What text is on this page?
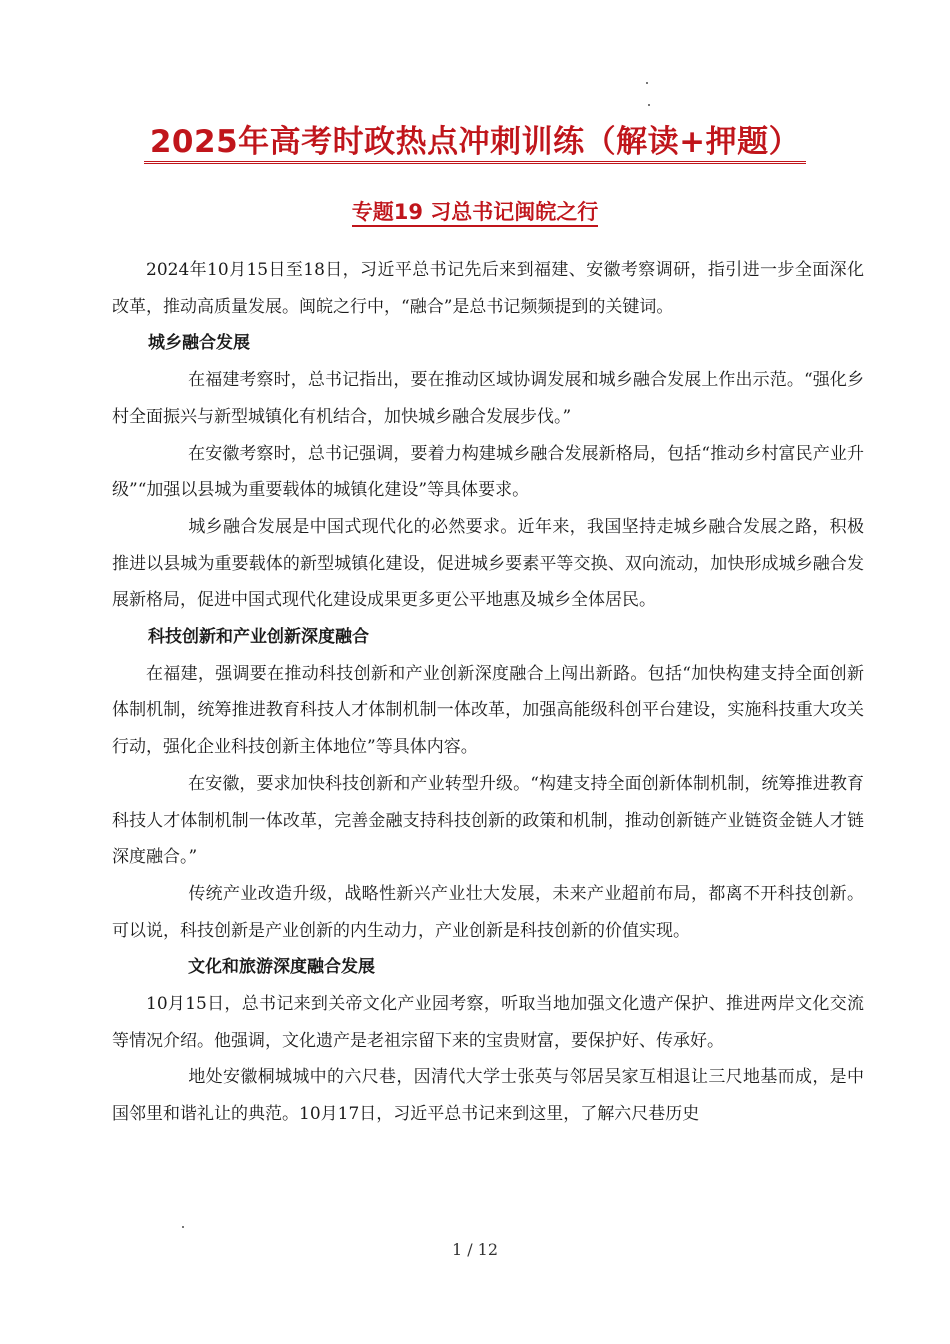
2025年高考时政热点冲刺训练（解读+押题）
专题19 习总书记闽皖之行

2024年10月15日至18日，习近平总书记先后来到福建、安徽考察调研，指引进一步全面深化改革，推动高质量发展。闽皖之行中，“融合”是总书记频频提到的关键词。

城乡融合发展

在福建考察时，总书记指出，要在推动区域协调发展和城乡融合发展上作出示范。“强化乡村全面振兴与新型城镇化有机结合，加快城乡融合发展步伐。”

在安徽考察时，总书记强调，要着力构建城乡融合发展新格局，包括“推动乡村富民产业升级”“加强以县城为重要载体的城镇化建设”等具体要求。

城乡融合发展是中国式现代化的必然要求。近年来，我国坚持走城乡融合发展之路，积极推进以县城为重要载体的新型城镇化建设，促进城乡要素平等交换、双向流动，加快形成城乡融合发展新格局，促进中国式现代化建设成果更多更公平地惠及城乡全体居民。

科技创新和产业创新深度融合

在福建，强调要在推动科技创新和产业创新深度融合上闯出新路。包括“加快构建支持全面创新体制机制，统筹推进教育科技人才体制机制一体改革，加强高能级科创平台建设，实施科技重大攻关行动，强化企业科技创新主体地位”等具体内容。

在安徽，要求加快科技创新和产业转型升级。“构建支持全面创新体制机制，统筹推进教育科技人才体制机制一体改革，完善金融支持科技创新的政策和机制，推动创新链产业链资金链人才链深度融合。”

传统产业改造升级，战略性新兴产业壮大发展，未来产业超前布局，都离不开科技创新。可以说，科技创新是产业创新的内生动力，产业创新是科技创新的价值实现。

文化和旅游深度融合发展

10月15日，总书记来到关帝文化产业园考察，听取当地加强文化遗产保护、推进两岸文化交流等情况介绍。他强调，文化遗产是老祖宗留下来的宝贵财富，要保护好、传承好。

地处安徽桐城城中的六尺巷，因清代大学士张英与邻居吴家互相退让三尺地基而成，是中国邻里和谐礼让的典范。10月17日，习近平总书记来到这里，了解六尺巷历史

1 / 12
